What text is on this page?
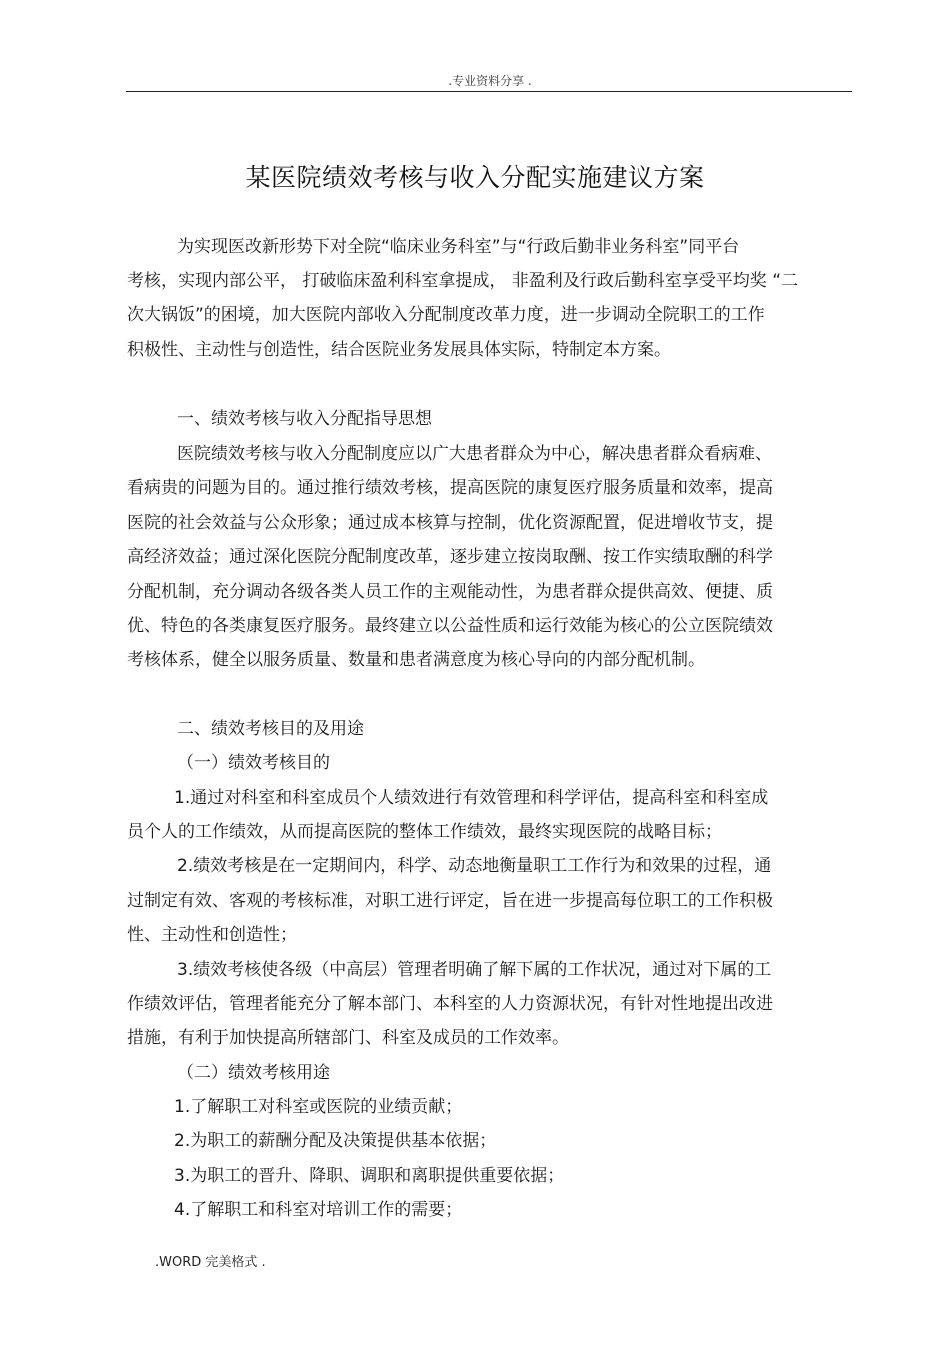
.专业资料分享 .
某医院绩效考核与收入分配实施建议方案
为实现医改新形势下对全院“临床业务科室”与“行政后勤非业务科室”同平台
考核，实现内部公平， 打破临床盈利科室拿提成， 非盈利及行政后勤科室享受平均奖 “二
次大锅饭”的困境，加大医院内部收入分配制度改革力度，进一步调动全院职工的工作
积极性、主动性与创造性，结合医院业务发展具体实际，特制定本方案。
一、绩效考核与收入分配指导思想
医院绩效考核与收入分配制度应以广大患者群众为中心，解决患者群众看病难、
看病贵的问题为目的。通过推行绩效考核，提高医院的康复医疗服务质量和效率，提高
医院的社会效益与公众形象；通过成本核算与控制，优化资源配置，促进增收节支，提
高经济效益；通过深化医院分配制度改革，逐步建立按岗取酬、按工作实绩取酬的科学
分配机制，充分调动各级各类人员工作的主观能动性，为患者群众提供高效、便捷、质
优、特色的各类康复医疗服务。最终建立以公益性质和运行效能为核心的公立医院绩效
考核体系，健全以服务质量、数量和患者满意度为核心导向的内部分配机制。
二、绩效考核目的及用途
（一）绩效考核目的
1.通过对科室和科室成员个人绩效进行有效管理和科学评估，提高科室和科室成
员个人的工作绩效，从而提高医院的整体工作绩效，最终实现医院的战略目标；
2.绩效考核是在一定期间内，科学、动态地衡量职工工作行为和效果的过程，通
过制定有效、客观的考核标准，对职工进行评定，旨在进一步提高每位职工的工作积极
性、主动性和创造性；
3.绩效考核使各级（中高层）管理者明确了解下属的工作状况，通过对下属的工
作绩效评估，管理者能充分了解本部门、本科室的人力资源状况，有针对性地提出改进
措施，有利于加快提高所辖部门、科室及成员的工作效率。
（二）绩效考核用途
1.了解职工对科室或医院的业绩贡献；
2.为职工的薪酬分配及决策提供基本依据；
3.为职工的晋升、降职、调职和离职提供重要依据；
4.了解职工和科室对培训工作的需要；
.WORD 完美格式 .
